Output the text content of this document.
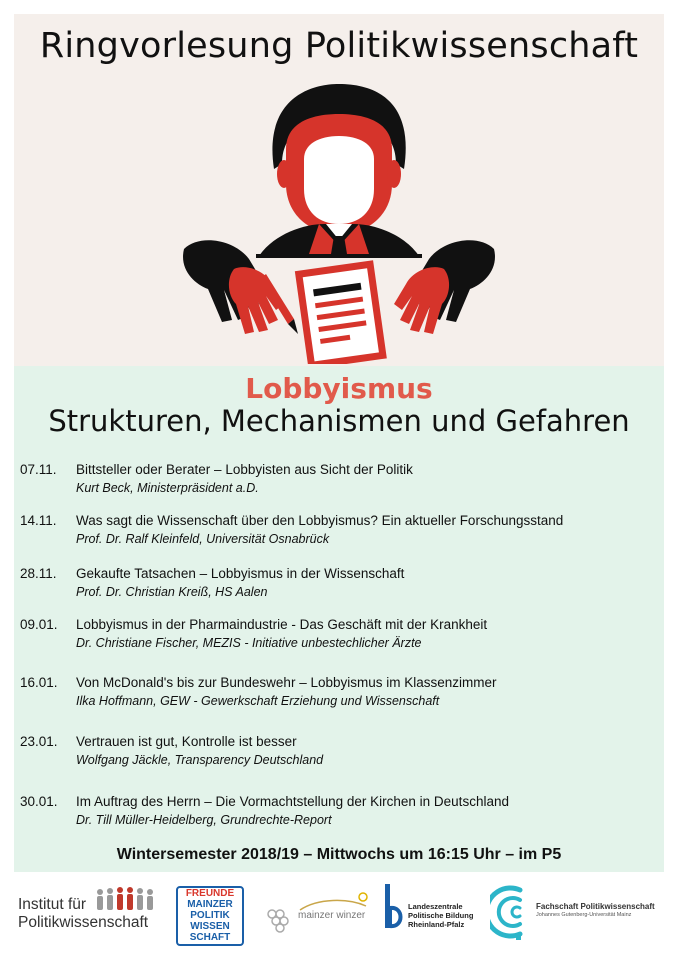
Ringvorlesung Politikwissenschaft
Lobbyismus
Strukturen, Mechanismen und Gefahren
07.11. Bittsteller oder Berater – Lobbyisten aus Sicht der Politik
Kurt Beck, Ministerpräsident a.D.
14.11. Was sagt die Wissenschaft über den Lobbyismus? Ein aktueller Forschungsstand
Prof. Dr. Ralf Kleinfeld, Universität Osnabrück
28.11. Gekaufte Tatsachen – Lobbyismus in der Wissenschaft
Prof. Dr. Christian Kreiß, HS Aalen
09.01. Lobbyismus in der Pharmaindustrie - Das Geschäft mit der Krankheit
Dr. Christiane Fischer, MEZIS - Initiative unbestechlicher Ärzte
16.01. Von McDonald's bis zur Bundeswehr – Lobbyismus im Klassenzimmer
Ilka Hoffmann, GEW - Gewerkschaft Erziehung und Wissenschaft
23.01. Vertrauen ist gut, Kontrolle ist besser
Wolfgang Jäckle, Transparency Deutschland
30.01. Im Auftrag des Herrn – Die Vormachtstellung der Kirchen in Deutschland
Dr. Till Müller-Heidelberg, Grundrechte-Report
Wintersemester 2018/19 – Mittwochs um 16:15 Uhr – im P5
Institut für
Politikwissenschaft
FREUNDE
MAINZER
POLITIK
WISSEN
SCHAFT
mainzer winzer
Landeszentrale
Politische Bildung
Rheinland-Pfalz
Fachschaft Politikwissenschaft
Johannes Gutenberg-Universität Mainz
